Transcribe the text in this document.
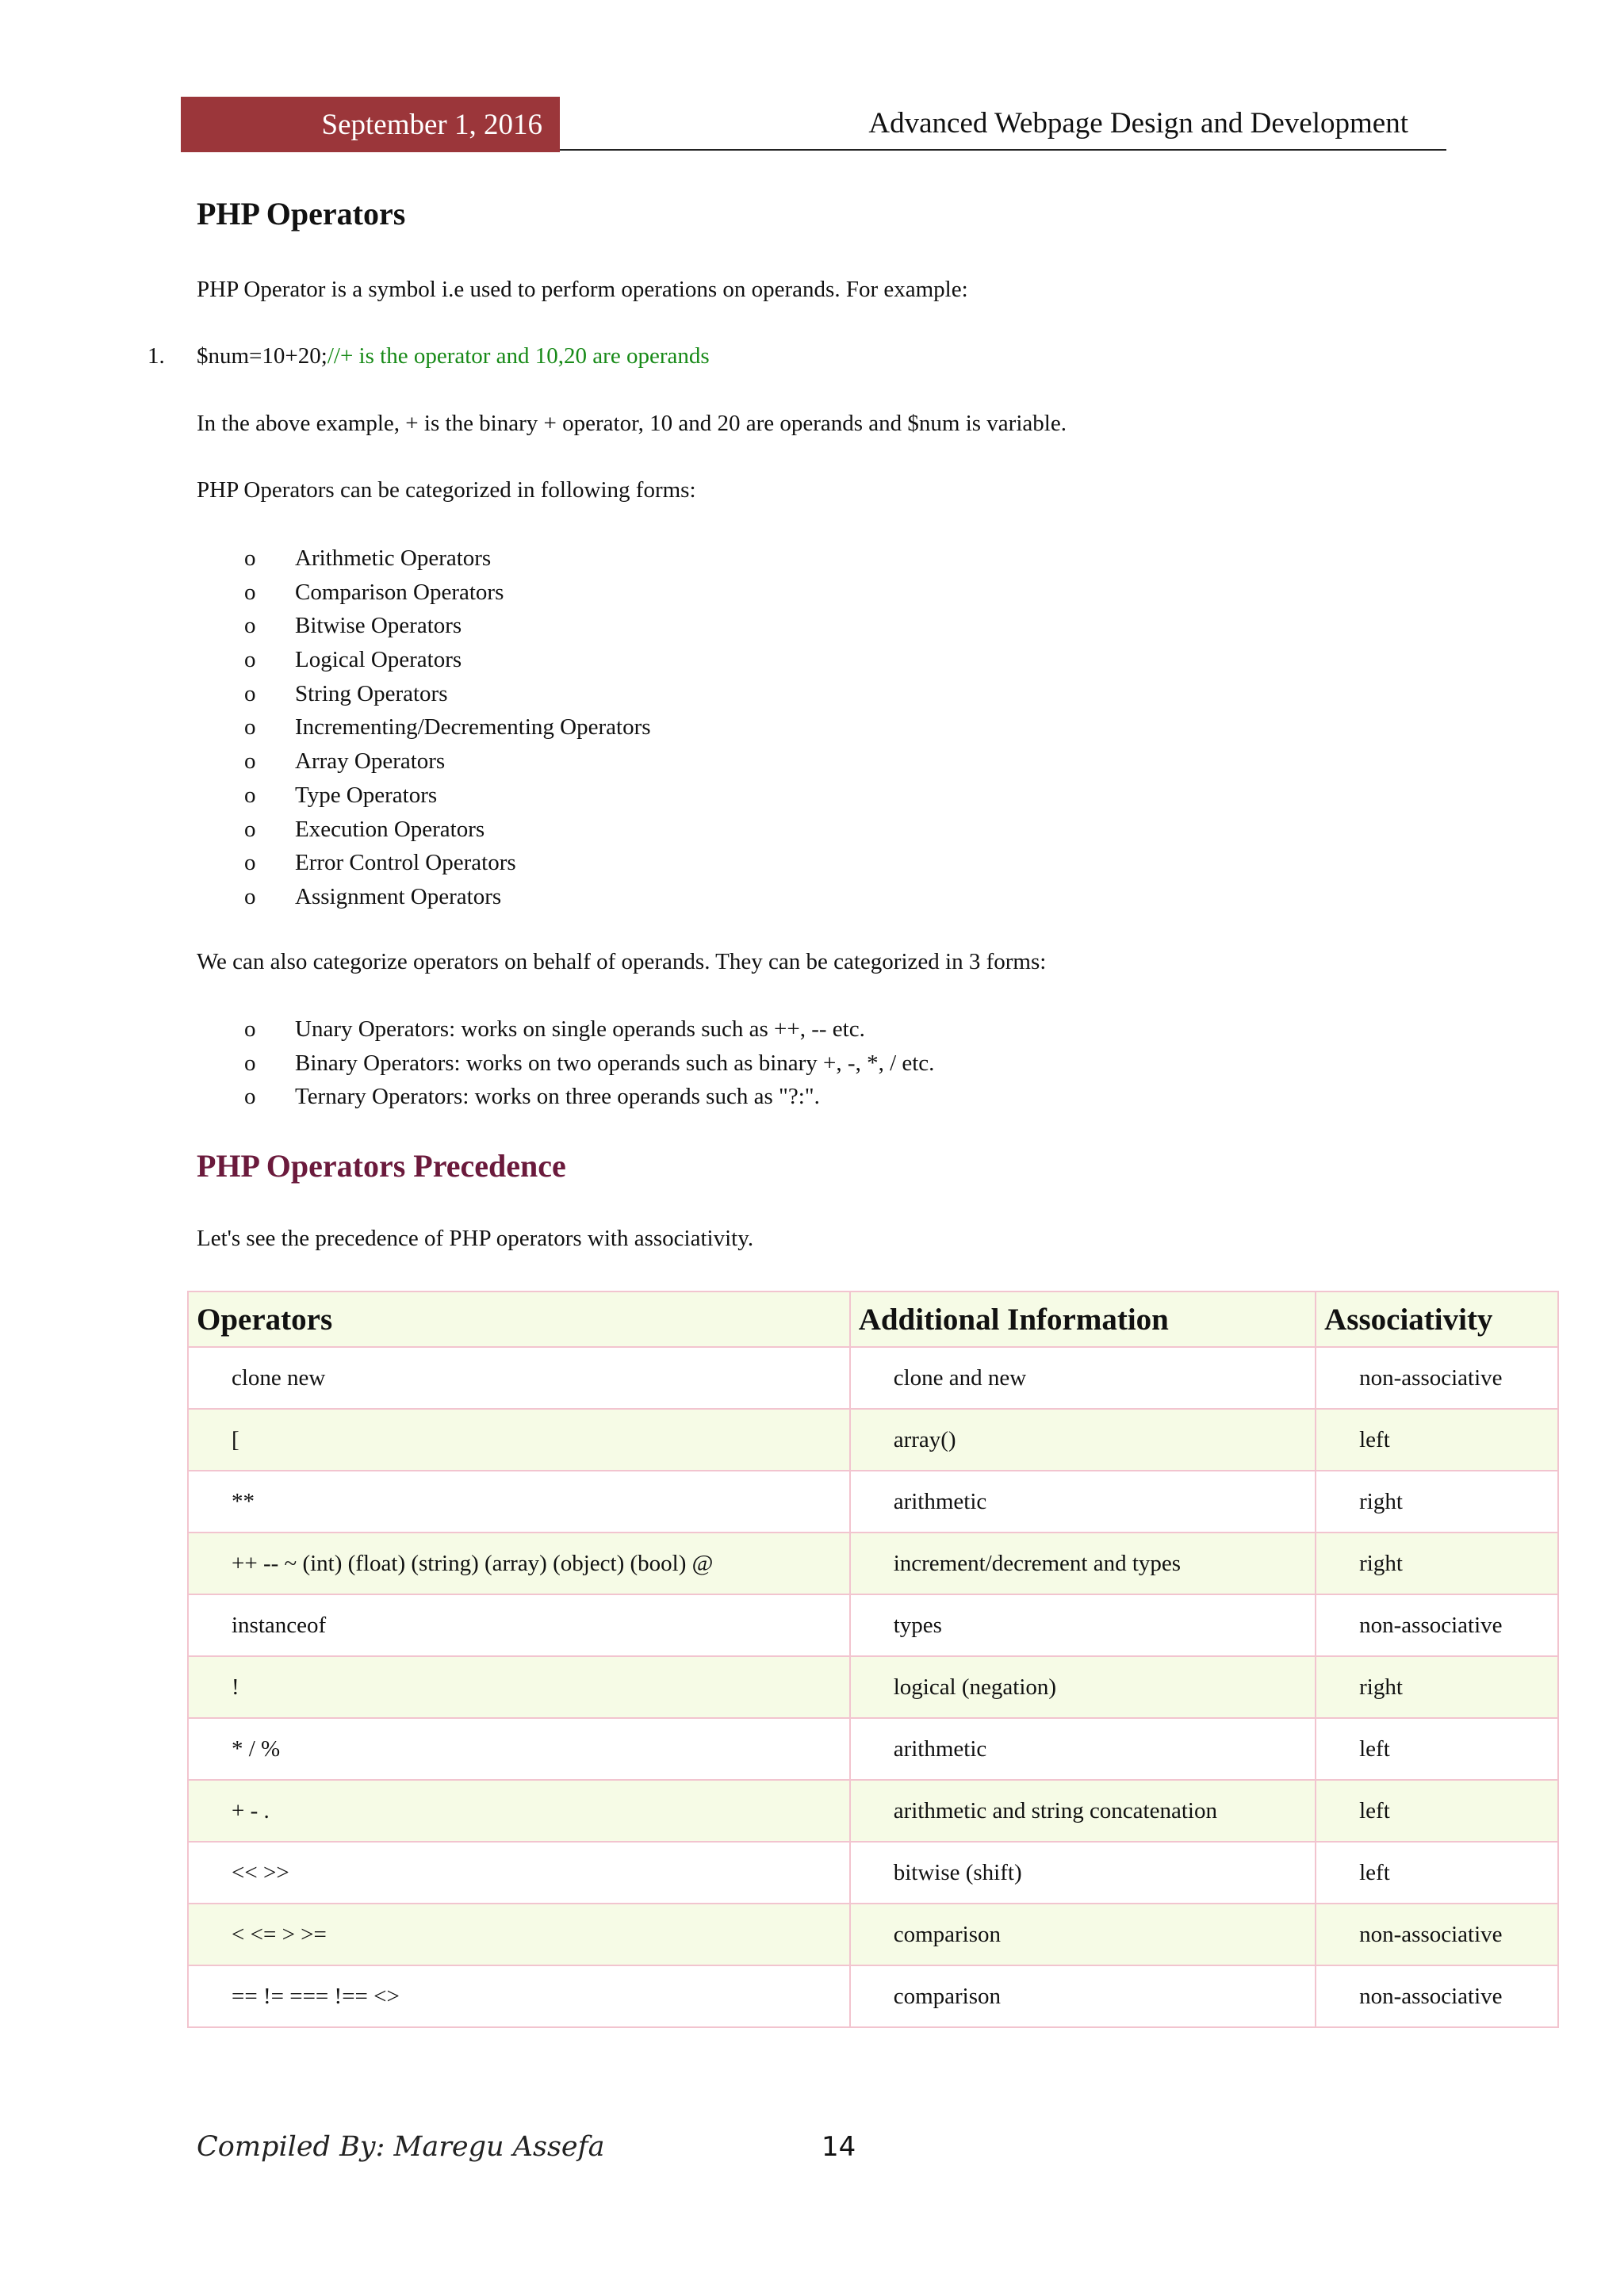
September 1, 2016	Advanced Webpage Design and Development
PHP Operators
PHP Operator is a symbol i.e used to perform operations on operands. For example:
1. $num=10+20;//+ is the operator and 10,20 are operands
In the above example, + is the binary + operator, 10 and 20 are operands and $num is variable.
PHP Operators can be categorized in following forms:
o Arithmetic Operators
o Comparison Operators
o Bitwise Operators
o Logical Operators
o String Operators
o Incrementing/Decrementing Operators
o Array Operators
o Type Operators
o Execution Operators
o Error Control Operators
o Assignment Operators
We can also categorize operators on behalf of operands. They can be categorized in 3 forms:
o Unary Operators: works on single operands such as ++, -- etc.
o Binary Operators: works on two operands such as binary +, -, *, / etc.
o Ternary Operators: works on three operands such as "?:".
PHP Operators Precedence
Let's see the precedence of PHP operators with associativity.
Operators	Additional Information	Associativity
clone new	clone and new	non-associative
[	array()	left
**	arithmetic	right
++ -- ~ (int) (float) (string) (array) (object) (bool) @	increment/decrement and types	right
instanceof	types	non-associative
!	logical (negation)	right
* / %	arithmetic	left
+ - .	arithmetic and string concatenation	left
<< >>	bitwise (shift)	left
< <= > >=	comparison	non-associative
== != === !== <>	comparison	non-associative
Compiled By: Maregu Assefa	14
